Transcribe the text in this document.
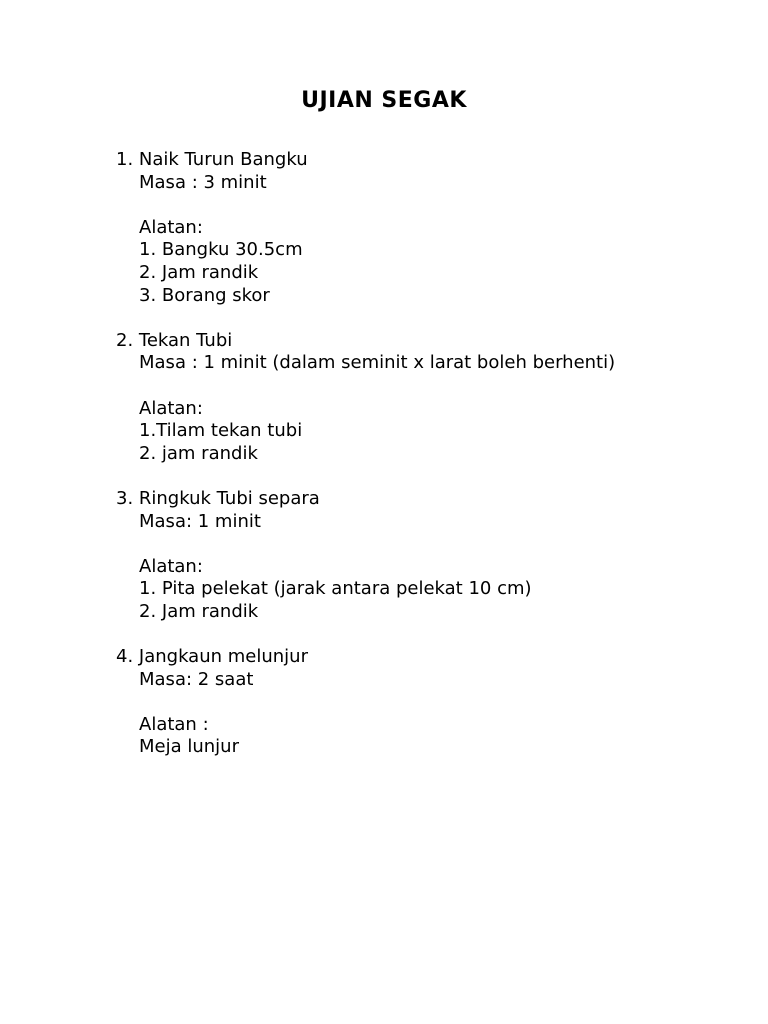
UJIAN SEGAK
1. Naik Turun Bangku
Masa : 3 minit
Alatan:
1. Bangku 30.5cm
2. Jam randik
3. Borang skor
2. Tekan Tubi
Masa : 1 minit (dalam seminit x larat boleh berhenti)
Alatan:
1.Tilam tekan tubi
2. jam randik
3. Ringkuk Tubi separa
Masa: 1 minit
Alatan:
1. Pita pelekat (jarak antara pelekat 10 cm)
2. Jam randik
4. Jangkaun melunjur
Masa: 2 saat
Alatan :
Meja lunjur
